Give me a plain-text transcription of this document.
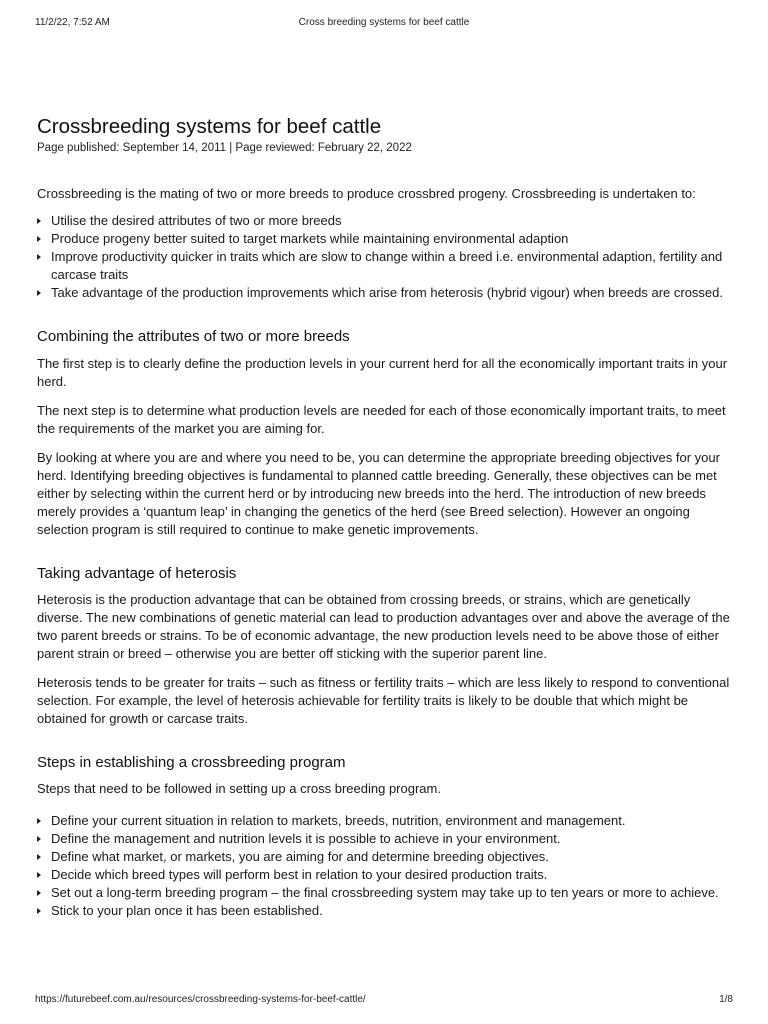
11/2/22, 7:52 AM	Cross breeding systems for beef cattle
Crossbreeding systems for beef cattle
Page published: September 14, 2011 | Page reviewed: February 22, 2022

Crossbreeding is the mating of two or more breeds to produce crossbred progeny. Crossbreeding is undertaken to:

Utilise the desired attributes of two or more breeds
Produce progeny better suited to target markets while maintaining environmental adaption
Improve productivity quicker in traits which are slow to change within a breed i.e. environmental adaption, fertility and carcase traits
Take advantage of the production improvements which arise from heterosis (hybrid vigour) when breeds are crossed.
Combining the attributes of two or more breeds

The first step is to clearly define the production levels in your current herd for all the economically important traits in your herd.

The next step is to determine what production levels are needed for each of those economically important traits, to meet the requirements of the market you are aiming for.

By looking at where you are and where you need to be, you can determine the appropriate breeding objectives for your herd. Identifying breeding objectives is fundamental to planned cattle breeding. Generally, these objectives can be met either by selecting within the current herd or by introducing new breeds into the herd. The introduction of new breeds merely provides a ‘quantum leap’ in changing the genetics of the herd (see Breed selection). However an ongoing selection program is still required to continue to make genetic improvements.

Taking advantage of heterosis

Heterosis is the production advantage that can be obtained from crossing breeds, or strains, which are genetically diverse. The new combinations of genetic material can lead to production advantages over and above the average of the two parent breeds or strains. To be of economic advantage, the new production levels need to be above those of either parent strain or breed – otherwise you are better off sticking with the superior parent line.

Heterosis tends to be greater for traits – such as fitness or fertility traits – which are less likely to respond to conventional selection. For example, the level of heterosis achievable for fertility traits is likely to be double that which might be obtained for growth or carcase traits.

Steps in establishing a crossbreeding program

Steps that need to be followed in setting up a cross breeding program.

Define your current situation in relation to markets, breeds, nutrition, environment and management.
Define the management and nutrition levels it is possible to achieve in your environment.
Define what market, or markets, you are aiming for and determine breeding objectives.
Decide which breed types will perform best in relation to your desired production traits.
Set out a long-term breeding program – the final crossbreeding system may take up to ten years or more to achieve.
Stick to your plan once it has been established.
https://futurebeef.com.au/resources/crossbreeding-systems-for-beef-cattle/	1/8
